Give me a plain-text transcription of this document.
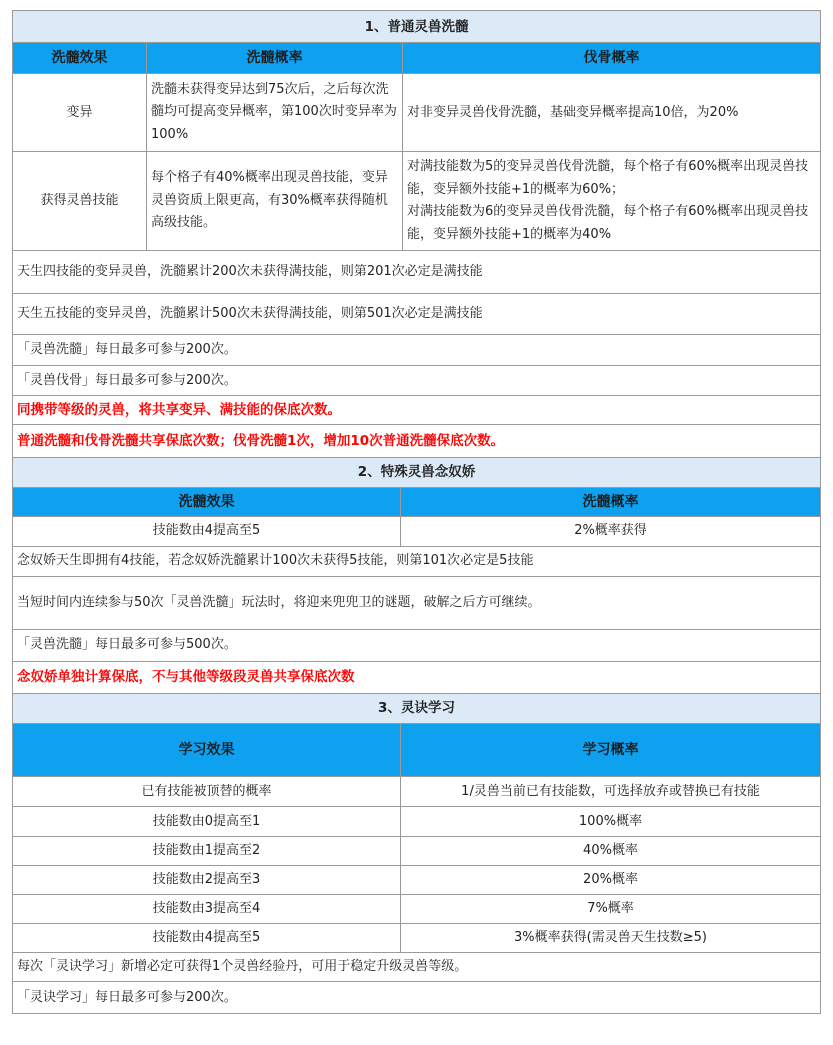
1、普通灵兽洗髓		
洗髓效果	洗髓概率	伐骨概率
变异	洗髓未获得变异达到75次后，之后每次洗髓均可提高变异概率，第100次时变异率为100%	对非变异灵兽伐骨洗髓，基础变异概率提高10倍，为20%
获得灵兽技能	每个格子有40%概率出现灵兽技能，变异灵兽资质上限更高，有30%概率获得随机高级技能。	对满技能数为5的变异灵兽伐骨洗髓，每个格子有60%概率出现灵兽技能，变异额外技能+1的概率为60%；
对满技能数为6的变异灵兽伐骨洗髓，每个格子有60%概率出现灵兽技能，变异额外技能+1的概率为40%

天生四技能的变异灵兽，洗髓累计200次未获得满技能，则第201次必定是满技能		
天生五技能的变异灵兽，洗髓累计500次未获得满技能，则第501次必定是满技能		
「灵兽洗髓」每日最多可参与200次。		
「灵兽伐骨」每日最多可参与200次。		
同携带等级的灵兽，将共享变异、满技能的保底次数。		
普通洗髓和伐骨洗髓共享保底次数；伐骨洗髓1次，增加10次普通洗髓保底次数。		
2、特殊灵兽念奴娇	
洗髓效果	洗髓概率
技能数由4提高至5	2%概率获得
念奴娇天生即拥有4技能，若念奴娇洗髓累计100次未获得5技能，则第101次必定是5技能	
当短时间内连续参与50次「灵兽洗髓」玩法时，将迎来兜兜卫的谜题，破解之后方可继续。	
「灵兽洗髓」每日最多可参与500次。	
念奴娇单独计算保底，不与其他等级段灵兽共享保底次数	
3、灵诀学习	
学习效果	学习概率
已有技能被顶替的概率	1/灵兽当前已有技能数，可选择放弃或替换已有技能
技能数由0提高至1	100%概率
技能数由1提高至2	40%概率
技能数由2提高至3	20%概率
技能数由3提高至4	7%概率
技能数由4提高至5	3%概率获得(需灵兽天生技数≥5)
每次「灵诀学习」新增必定可获得1个灵兽经验丹，可用于稳定升级灵兽等级。	
「灵诀学习」每日最多可参与200次。	
